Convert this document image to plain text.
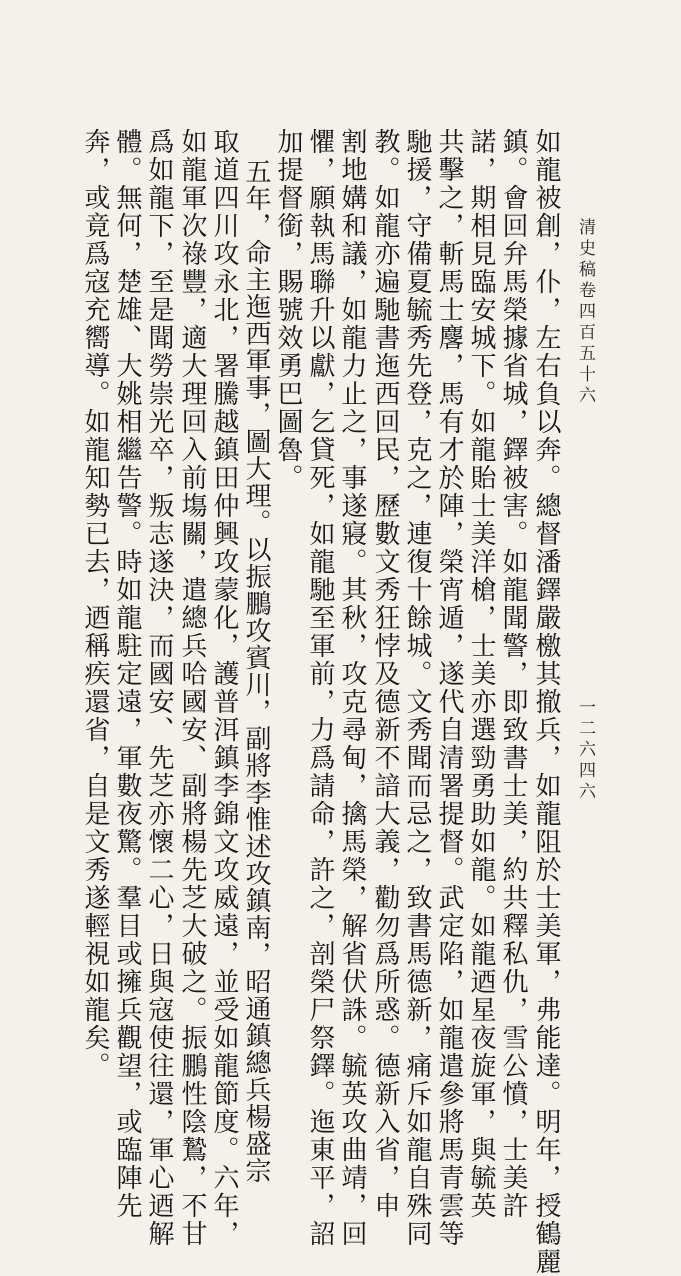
清史稿卷四百五十六
一二六四六
如龍被創，仆，左右負以奔。總督潘鐸嚴檄其撤兵，如龍阻於士美軍，弗能達。明年，授鶴麗
鎮。會回弁馬榮據省城，鐸被害。如龍聞警，即致書士美，約共釋私仇，雪公憤，士美許
諾，期相見臨安城下。如龍貽士美洋槍，士美亦選勁勇助如龍。如龍迺星夜旋軍，與毓英
共擊之，斬馬士麐，馬有才於陣，榮宵遁，遂代自清署提督。武定陷，如龍遣參將馬青雲等
馳援，守備夏毓秀先登，克之，連復十餘城。文秀聞而忌之，致書馬德新，痛斥如龍自殊同
教。如龍亦遍馳書迤西回民，歷數文秀狂悖及德新不諳大義，勸勿爲所惑。德新入省，申
割地媾和議，如龍力止之，事遂寢。其秋，攻克尋甸，擒馬榮，解省伏誅。毓英攻曲靖，回
懼，願執馬聯升以獻，乞貸死，如龍馳至軍前，力爲請命，許之，剖榮尸祭鐸。迤東平，詔
加提督銜，賜號效勇巴圖魯。
五年，命主迤西軍事，圖大理。以振鵬攻賓川，副將李惟述攻鎮南，昭通鎮總兵楊盛宗
取道四川攻永北，署騰越鎮田仲興攻蒙化，護普洱鎮李錦文攻威遠，並受如龍節度。六年，
如龍軍次祿豐，適大理回入前塲關，遣總兵哈國安、副將楊先芝大破之。振鵬性陰鷙，不甘
爲如龍下，至是聞勞崇光卒，叛志遂決，而國安、先芝亦懷二心，日與寇使往還，軍心迺解
體。無何，楚雄、大姚相繼告警。時如龍駐定遠，軍數夜驚。羣目或擁兵觀望，或臨陣先
奔，或竟爲寇充嚮導。如龍知勢已去，迺稱疾還省，自是文秀遂輕視如龍矣。
